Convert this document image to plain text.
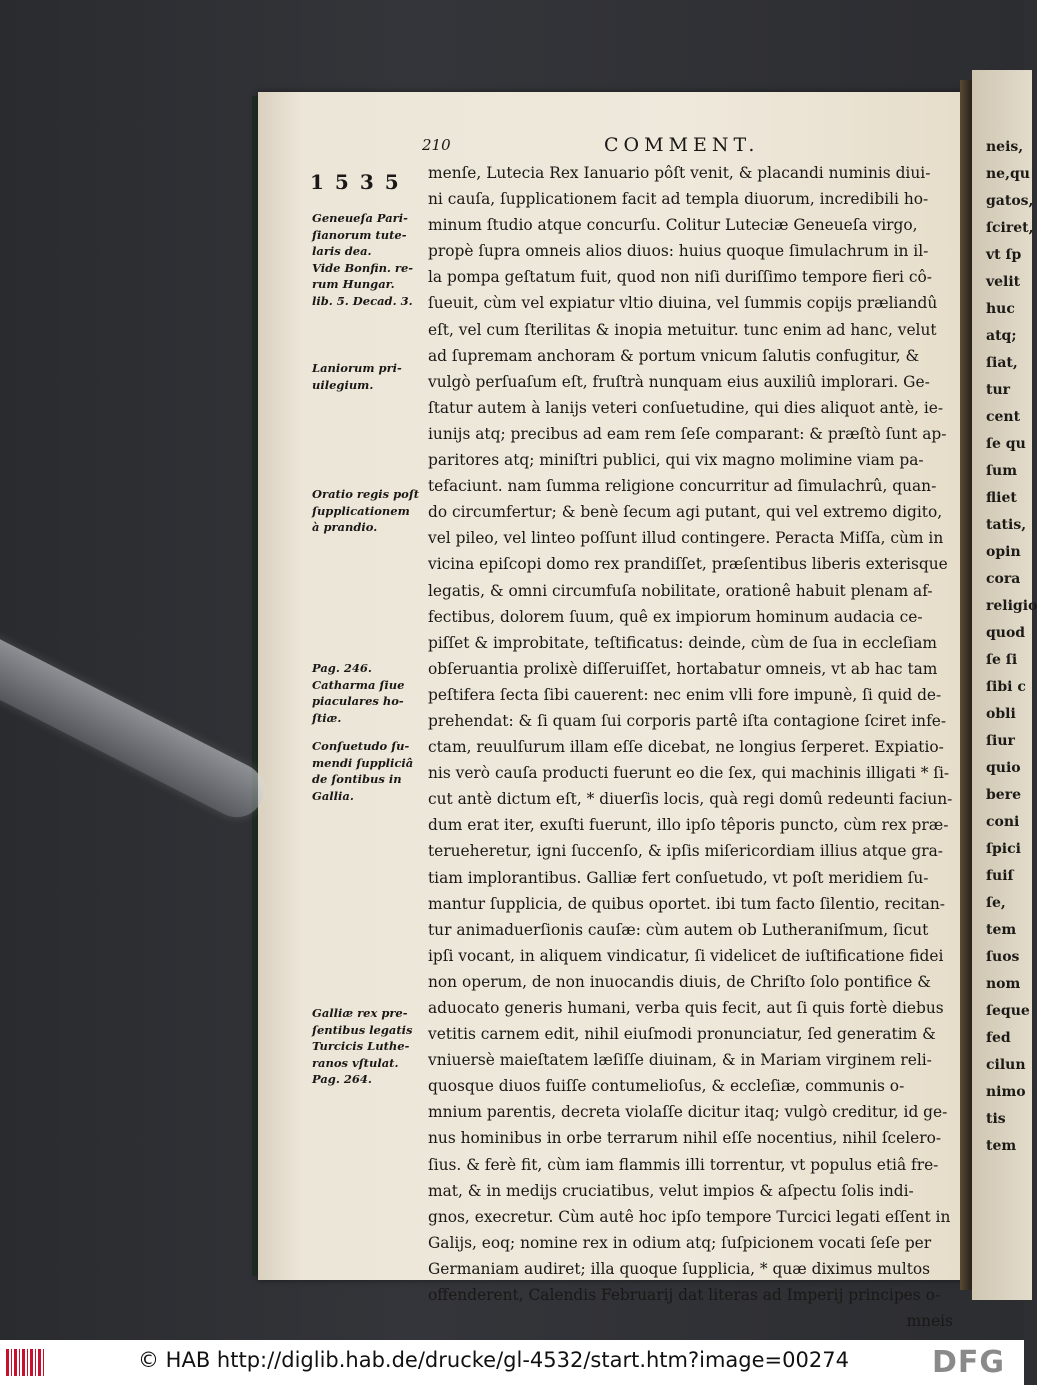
neis,
ne,qu
gatos,
ſciret,
vt ſp
velit
huc
atq;
ſiat,
tur
cent
ſe qu
ſum
fliet
tatis,
opin
cora
religio
quod
ſe ſi
ſibi c
obli
ſiur
quio
bere
coni
ſpici
fuiſ
ſe,
tem
ſuos
nom
ſeque
fed
cilun
nimo
tis
tem
210	COMMENT.
1535 menſe, Lutecia Rex Ianuario pôſt venit, & placandi numinis diui-
ni cauſa, ſupplicationem facit ad templa diuorum, incredibili ho-
minum ſtudio atque concurſu. Colitur Luteciæ Geneueſa virgo,
propè ſupra omneis alios diuos: huius quoque ſimulachrum in il-
la pompa geſtatum fuit, quod non niſi duriſſimo tempore fieri cô-
ſueuit, cùm vel expiatur vltio diuina, vel ſummis copijs præliandû
eſt, vel cum ſterilitas & inopia metuitur. tunc enim ad hanc, velut
ad ſupremam anchoram & portum vnicum ſalutis confugitur, &
vulgò perſuaſum eſt, fruſtrà nunquam eius auxiliû implorari. Ge-
ſtatur autem à lanijs veteri conſuetudine, qui dies aliquot antè, ie-
iunijs atq; precibus ad eam rem ſeſe comparant: & præſtò ſunt ap-
paritores atq; miniſtri publici, qui vix magno molimine viam pa-
tefaciunt. nam ſumma religione concurritur ad ſimulachrû, quan-
do circumfertur; & benè ſecum agi putant, qui vel extremo digito,
vel pileo, vel linteo poſſunt illud contingere. Peracta Miſſa, cùm in
vicina epiſcopi domo rex prandiſſet, præſentibus liberis exterisque
legatis, & omni circumfuſa nobilitate, orationê habuit plenam af-
fectibus, dolorem ſuum, quê ex impiorum hominum audacia ce-
piſſet & improbitate, teſtificatus: deinde, cùm de ſua in eccleſiam
obſeruantia prolixè diſſeruiſſet, hortabatur omneis, vt ab hac tam
peſtifera ſecta ſibi cauerent: nec enim vlli fore impunè, ſi quid de-
prehendat: & ſi quam ſui corporis partê iſta contagione ſciret infe-
ctam, reuulſurum illam eſſe dicebat, ne longius ſerperet. Expiatio-
nis verò cauſa producti fuerunt eo die ſex, qui machinis illigati * ſi-
cut antè dictum eſt, * diuerſis locis, quà regi domû redeunti faciun-
dum erat iter, exuſti fuerunt, illo ipſo têporis puncto, cùm rex præ-
terueheretur, igni ſuccenſo, & ipſis miſericordiam illius atque gra-
tiam implorantibus. Galliæ fert conſuetudo, vt poſt meridiem ſu-
mantur ſupplicia, de quibus oportet. ibi tum facto ſilentio, recitan-
tur animaduerſionis cauſæ: cùm autem ob Lutheraniſmum, ſicut
ipſi vocant, in aliquem vindicatur, ſi videlicet de iuſtificatione fidei
non operum, de non inuocandis diuis, de Chriſto ſolo pontifice &
aduocato generis humani, verba quis fecit, aut ſi quis fortè diebus
vetitis carnem edit, nihil eiuſmodi pronunciatur, ſed generatim &
vniuersè maieſtatem læſiſſe diuinam, & in Mariam virginem reli-
quosque diuos fuiſſe contumelioſus, & eccleſiæ, communis o-
mnium parentis, decreta violaſſe dicitur itaq; vulgò creditur, id ge-
nus hominibus in orbe terrarum nihil eſſe nocentius, nihil ſcelero-
ſius. & ferè fit, cùm iam flammis illi torrentur, vt populus etiâ fre-
mat, & in medijs cruciatibus, velut impios & aſpectu ſolis indi-
gnos, execretur. Cùm autê hoc ipſo tempore Turcici legati eſſent in
Galijs, eoq; nomine rex in odium atq; ſuſpicionem vocati ſeſe per
Germaniam audiret; illa quoque ſupplicia, * quæ diximus multos
offenderent, Calendis Februarij dat literas ad Imperij principes o-
mneis
Geneueſa Pari-
ſianorum tute-
laris dea.
Vide Bonfin. re-
rum Hungar.
lib. 5. Decad. 3.
Laniorum pri-
uilegium.
Oratio regis poſt
ſupplicationem
à prandio.
Pag. 246.
Catharma ſiue
piaculares ho-
ſtiæ.
Conſuetudo ſu-
mendi ſuppliciâ
de ſontibus in
Gallia.
Galliæ rex pre-
ſentibus legatis
Turcicis Luthe-
ranos vſtulat.
Pag. 264.
© HAB http://diglib.hab.de/drucke/gl-4532/start.htm?image=00274	DFG
